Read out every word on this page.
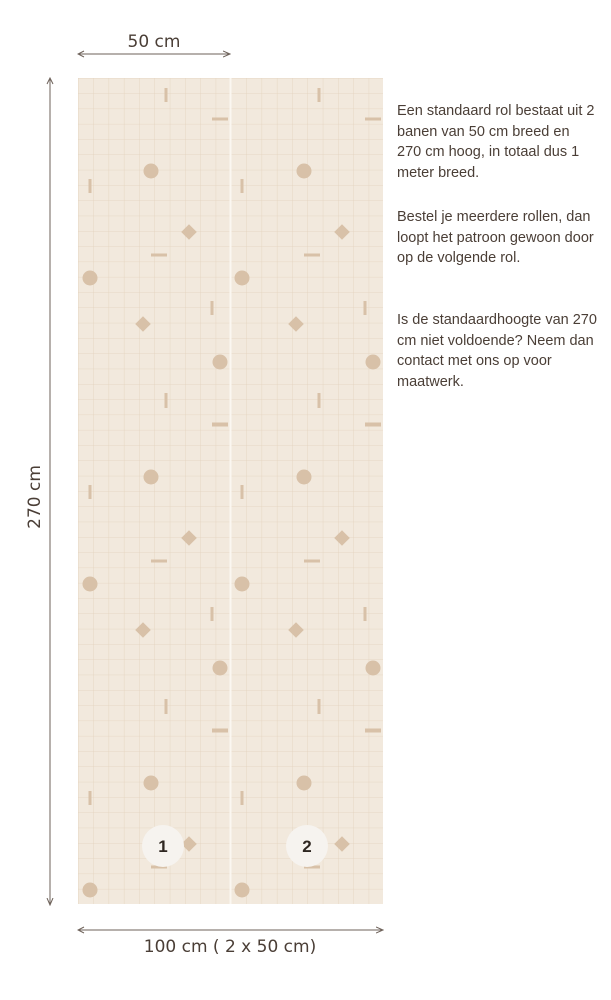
50 cm
270 cm
1	2
100 cm ( 2 x 50 cm)
Een standaard rol bestaat uit 2 banen van 50 cm breed en 270 cm hoog, in totaal dus 1 meter breed.
Bestel je meerdere rollen, dan loopt het patroon gewoon door op de volgende rol.
Is de standaardhoogte van 270 cm niet voldoende? Neem dan contact met ons op voor maatwerk.
